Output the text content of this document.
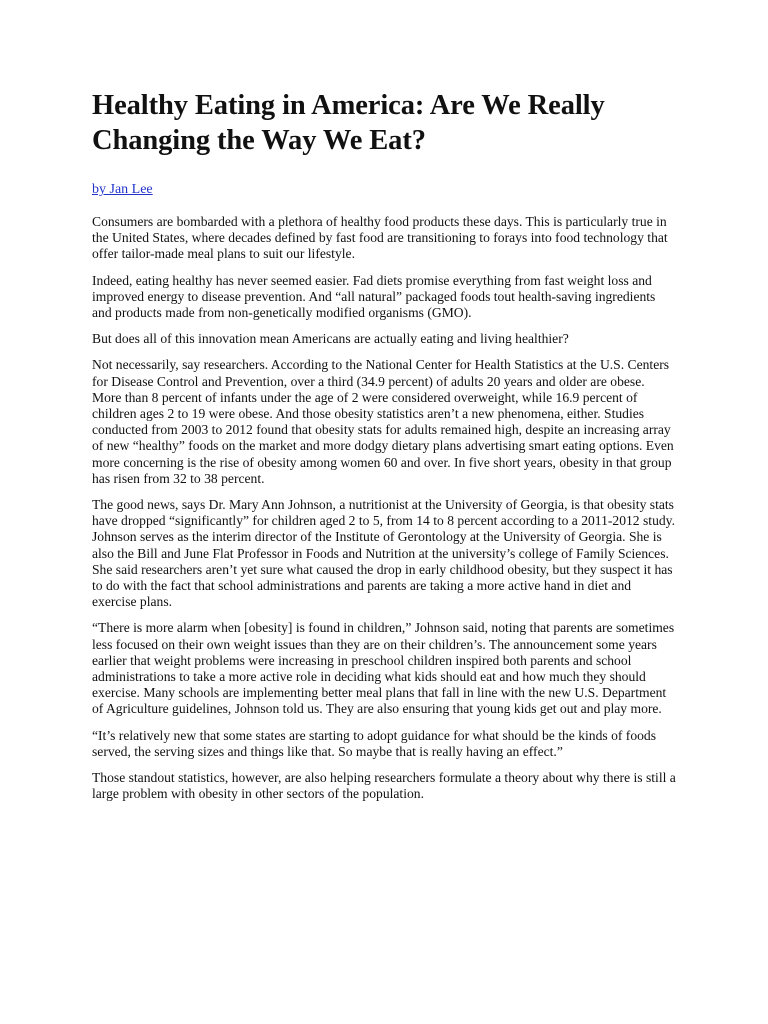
Healthy Eating in America: Are We Really Changing the Way We Eat?
by Jan Lee

Consumers are bombarded with a plethora of healthy food products these days. This is particularly true in the United States, where decades defined by fast food are transitioning to forays into food technology that offer tailor-made meal plans to suit our lifestyle.

Indeed, eating healthy has never seemed easier. Fad diets promise everything from fast weight loss and improved energy to disease prevention. And “all natural” packaged foods tout health-saving ingredients and products made from non-genetically modified organisms (GMO).

But does all of this innovation mean Americans are actually eating and living healthier?

Not necessarily, say researchers. According to the National Center for Health Statistics at the U.S. Centers for Disease Control and Prevention, over a third (34.9 percent) of adults 20 years and older are obese. More than 8 percent of infants under the age of 2 were considered overweight, while 16.9 percent of children ages 2 to 19 were obese. And those obesity statistics aren’t a new phenomena, either. Studies conducted from 2003 to 2012 found that obesity stats for adults remained high, despite an increasing array of new “healthy” foods on the market and more dodgy dietary plans advertising smart eating options. Even more concerning is the rise of obesity among women 60 and over. In five short years, obesity in that group has risen from 32 to 38 percent.

The good news, says Dr. Mary Ann Johnson, a nutritionist at the University of Georgia, is that obesity stats have dropped “significantly” for children aged 2 to 5, from 14 to 8 percent according to a 2011-2012 study. Johnson serves as the interim director of the Institute of Gerontology at the University of Georgia. She is also the Bill and June Flat Professor in Foods and Nutrition at the university’s college of Family Sciences. She said researchers aren’t yet sure what caused the drop in early childhood obesity, but they suspect it has to do with the fact that school administrations and parents are taking a more active hand in diet and exercise plans.

“There is more alarm when [obesity] is found in children,” Johnson said, noting that parents are sometimes less focused on their own weight issues than they are on their children’s. The announcement some years earlier that weight problems were increasing in preschool children inspired both parents and school administrations to take a more active role in deciding what kids should eat and how much they should exercise. Many schools are implementing better meal plans that fall in line with the new U.S. Department of Agriculture guidelines, Johnson told us. They are also ensuring that young kids get out and play more.

“It’s relatively new that some states are starting to adopt guidance for what should be the kinds of foods served, the serving sizes and things like that. So maybe that is really having an effect.”

Those standout statistics, however, are also helping researchers formulate a theory about why there is still a large problem with obesity in other sectors of the population.
